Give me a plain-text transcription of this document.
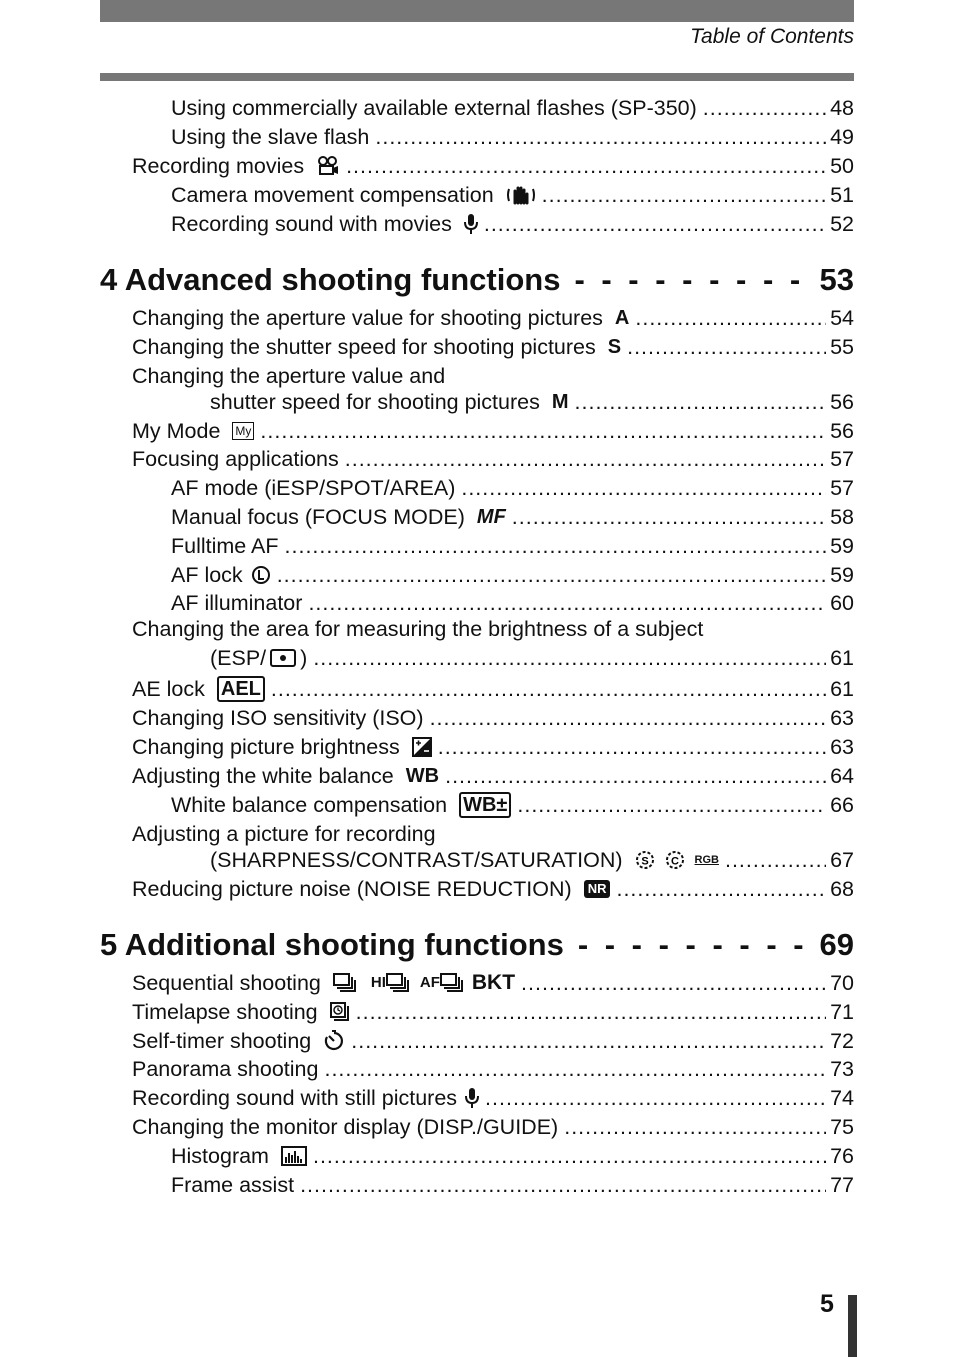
Table of Contents
Using commercially available external flashes (SP-350) .....	48
Using the slave flash .....	49
Recording movies .....	50
Camera movement compensation .....	51
Recording sound with movies .....	52
4 Advanced shooting functions - - -	53
Changing the aperture value for shooting pictures A .....	54
Changing the shutter speed for shooting pictures S .....	55
Changing the aperture value and
shutter speed for shooting pictures M .....	56
My Mode My .....	56
Focusing applications .....	57
AF mode (iESP/SPOT/AREA) .....	57
Manual focus (FOCUS MODE) MF .....	58
Fulltime AF .....	59
AF lock .....	59
AF illuminator .....	60
Changing the area for measuring the brightness of a subject
(ESP/ ) .....	61
AE lock AEL .....	61
Changing ISO sensitivity (ISO) .....	63
Changing picture brightness .....	63
Adjusting the white balance WB .....	64
White balance compensation WB± .....	66
Adjusting a picture for recording
(SHARPNESS/CONTRAST/SATURATION) S C RGB .....	67
Reducing picture noise (NOISE REDUCTION)	NR .....	68
5 Additional shooting functions - - -	69
Sequential shooting	HI AF BKT .....	70
Timelapse shooting .....	71
Self-timer shooting .....	72
Panorama shooting .....	73
Recording sound with still pictures .....	74
Changing the monitor display (DISP./GUIDE) .....	75
Histogram .....	76
Frame assist .....	77
5
